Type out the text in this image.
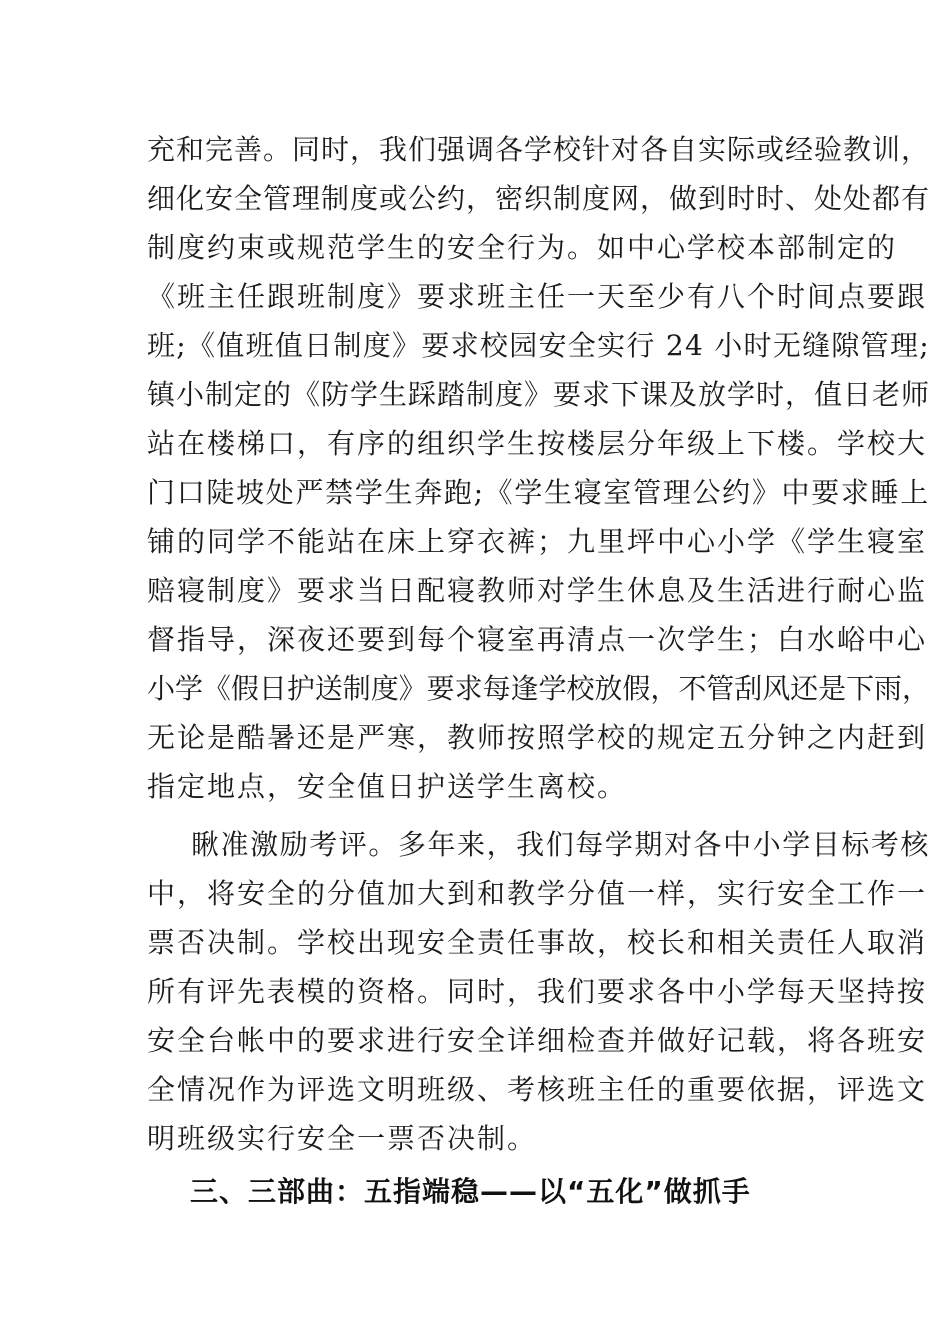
充和完善。同时，我们强调各学校针对各自实际或经验教训，
细化安全管理制度或公约，密织制度网，做到时时、处处都有
制度约束或规范学生的安全行为。如中心学校本部制定的
《班主任跟班制度》要求班主任一天至少有八个时间点要跟
班;《值班值日制度》要求校园安全实行 24 小时无缝隙管理;
镇小制定的《防学生踩踏制度》要求下课及放学时，值日老师
站在楼梯口，有序的组织学生按楼层分年级上下楼。学校大
门口陡坡处严禁学生奔跑;《学生寝室管理公约》中要求睡上
铺的同学不能站在床上穿衣裤；九里坪中心小学《学生寝室
赔寝制度》要求当日配寝教师对学生休息及生活进行耐心监
督指导，深夜还要到每个寝室再清点一次学生；白水峪中心
小学《假日护送制度》要求每逢学校放假，不管刮风还是下雨，
无论是酷暑还是严寒，教师按照学校的规定五分钟之内赶到
指定地点，安全值日护送学生离校。
瞅准激励考评。多年来，我们每学期对各中小学目标考核
中，将安全的分值加大到和教学分值一样，实行安全工作一
票否决制。学校出现安全责任事故，校长和相关责任人取消
所有评先表模的资格。同时，我们要求各中小学每天坚持按
安全台帐中的要求进行安全详细检查并做好记载，将各班安
全情况作为评选文明班级、考核班主任的重要依据，评选文
明班级实行安全一票否决制。
三、三部曲：五指端稳——以“五化”做抓手
